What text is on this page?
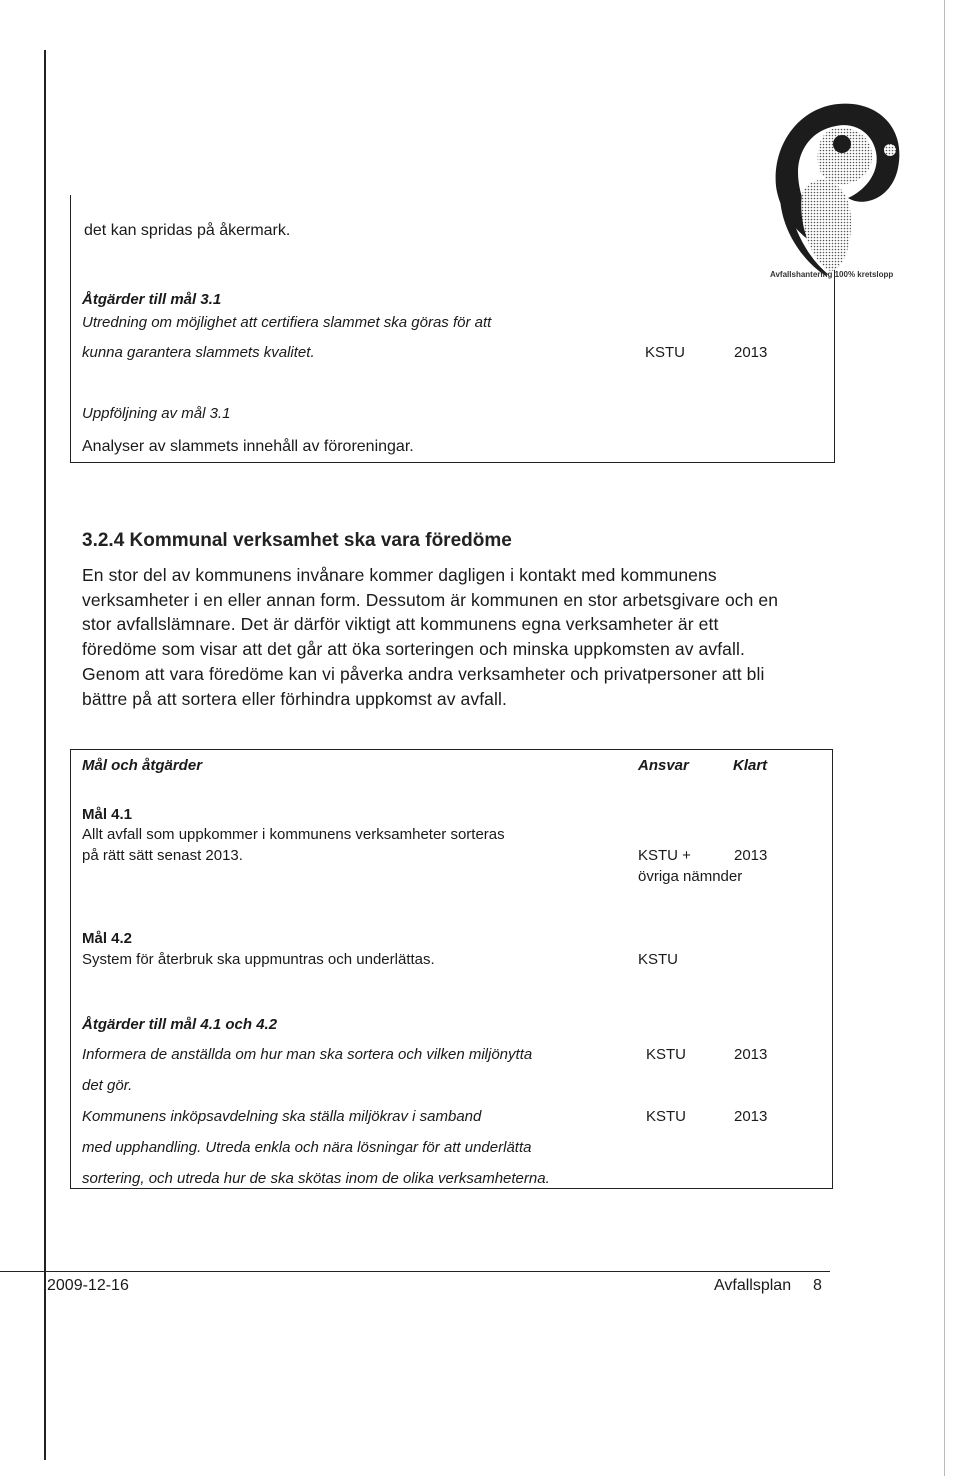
det kan spridas på åkermark.
Åtgärder till mål 3.1
Utredning om möjlighet att certifiera slammet ska göras för att
kunna garantera slammets kvalitet.	KSTU	2013
Uppföljning av mål 3.1
Analyser av slammets innehåll av föroreningar.
Avfallshantering 100% kretslopp
3.2.4 Kommunal verksamhet ska vara föredöme
En stor del av kommunens invånare kommer dagligen i kontakt med kommunens
verksamheter i en eller annan form. Dessutom är kommunen en stor arbetsgivare och en
stor avfallslämnare. Det är därför viktigt att kommunens egna verksamheter är ett
föredöme som visar att det går att öka sorteringen och minska uppkomsten av avfall.
Genom att vara föredöme kan vi påverka andra verksamheter och privatpersoner att bli
bättre på att sortera eller förhindra uppkomst av avfall.
Mål och åtgärder	Ansvar	Klart
Mål 4.1
Allt avfall som uppkommer i kommunens verksamheter sorteras
på rätt sätt senast 2013.	KSTU +	2013
övriga nämnder
Mål 4.2
System för återbruk ska uppmuntras och underlättas.	KSTU
Åtgärder till mål 4.1 och 4.2
Informera de anställda om hur man ska sortera och vilken miljönytta	KSTU	2013
det gör.
Kommunens inköpsavdelning ska ställa miljökrav i samband	KSTU	2013
med upphandling. Utreda enkla och nära lösningar för att underlätta
sortering, och utreda hur de ska skötas inom de olika verksamheterna.
2009-12-16	Avfallsplan 8
